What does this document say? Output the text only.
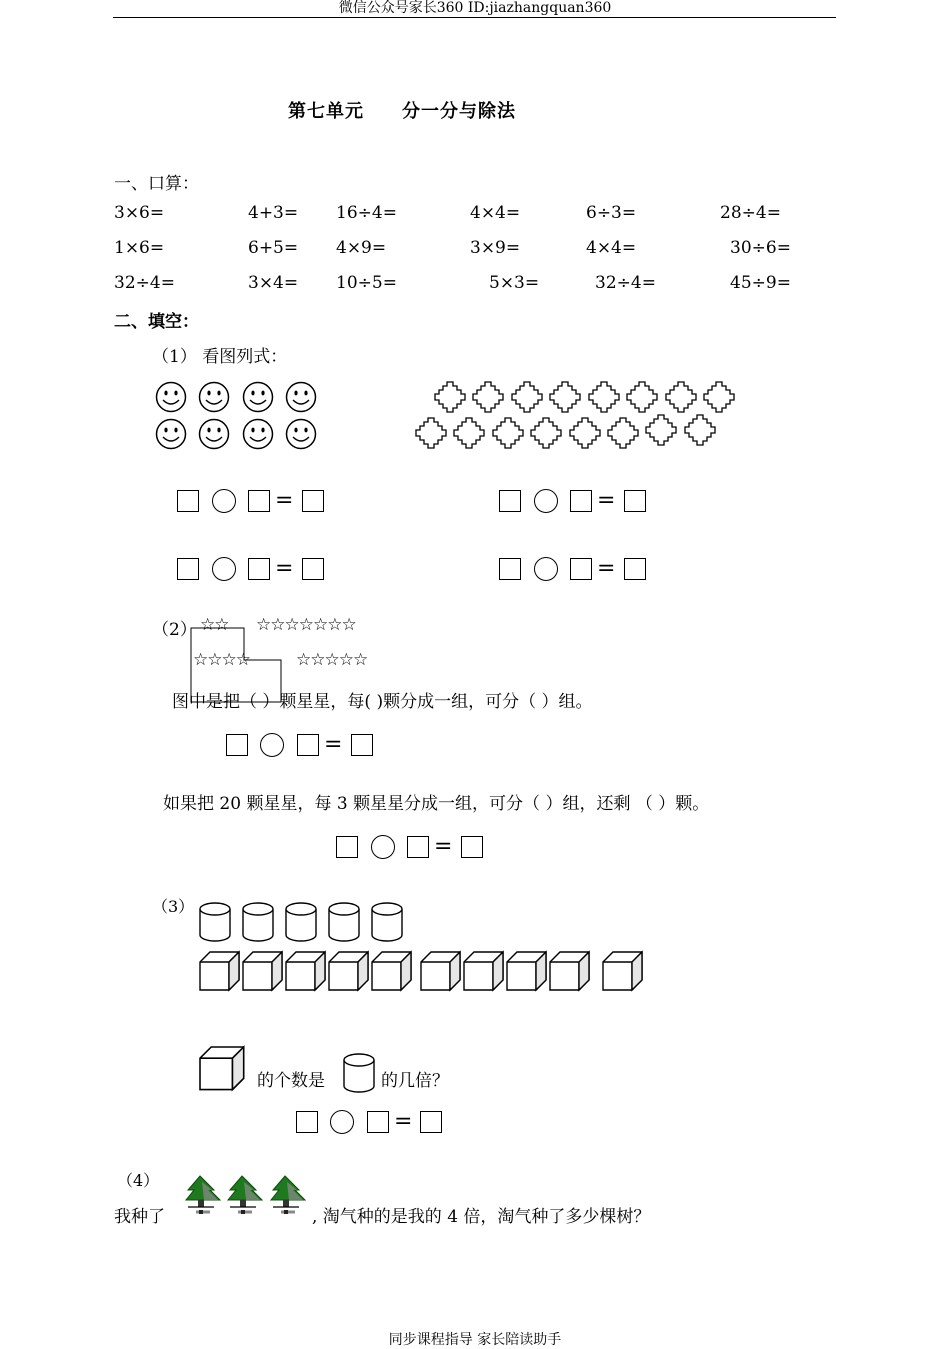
微信公众号家长360 ID:jiazhangquan360
第七单元 分一分与除法
一、口算：
3×6=	4+3= 16÷4=	4×4=	6÷3=	28÷4=
1×6=	6+5= 4×9=	3×9=	4×4=	30÷6=
32÷4=	3×4= 10÷5=	5×3=	32÷4=	45÷9=
二、填空：
（1） 看图列式：
=	=
=	=
（2） ☆☆ ☆☆☆☆☆☆☆
☆☆☆☆	☆☆☆☆☆
图中是把（ ）颗星星，每( )颗分成一组，可分（ ）组。
=
如果把 20 颗星星，每 3 颗星星分成一组，可分（ ）组，还剩 （ ）颗。
=
（3）
的个数是	的几倍？
=
（4）
我种了	, 淘气种的是我的 4 倍，淘气种了多少棵树？
同步课程指导 家长陪读助手
